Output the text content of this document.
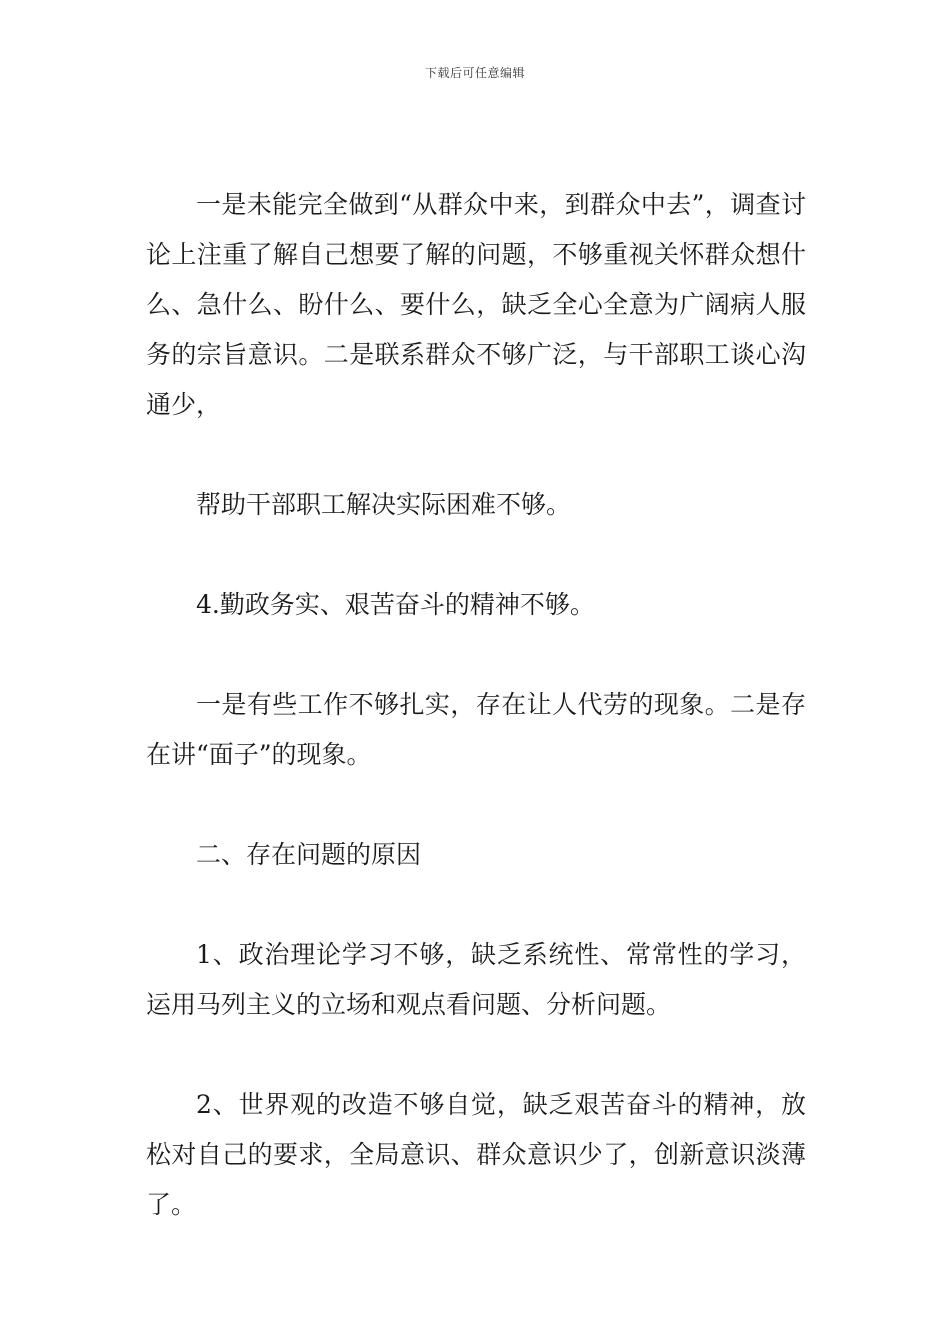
下载后可任意编辑

一是未能完全做到“从群众中来，到群众中去”，调查讨论上注重了解自己想要了解的问题，不够重视关怀群众想什么、急什么、盼什么、要什么，缺乏全心全意为广阔病人服务的宗旨意识。二是联系群众不够广泛，与干部职工谈心沟通少，

帮助干部职工解决实际困难不够。

4.勤政务实、艰苦奋斗的精神不够。

一是有些工作不够扎实，存在让人代劳的现象。二是存在讲“面子”的现象。

二、存在问题的原因

1、政治理论学习不够，缺乏系统性、常常性的学习，运用马列主义的立场和观点看问题、分析问题。

2、世界观的改造不够自觉，缺乏艰苦奋斗的精神，放松对自己的要求，全局意识、群众意识少了，创新意识淡薄了。
